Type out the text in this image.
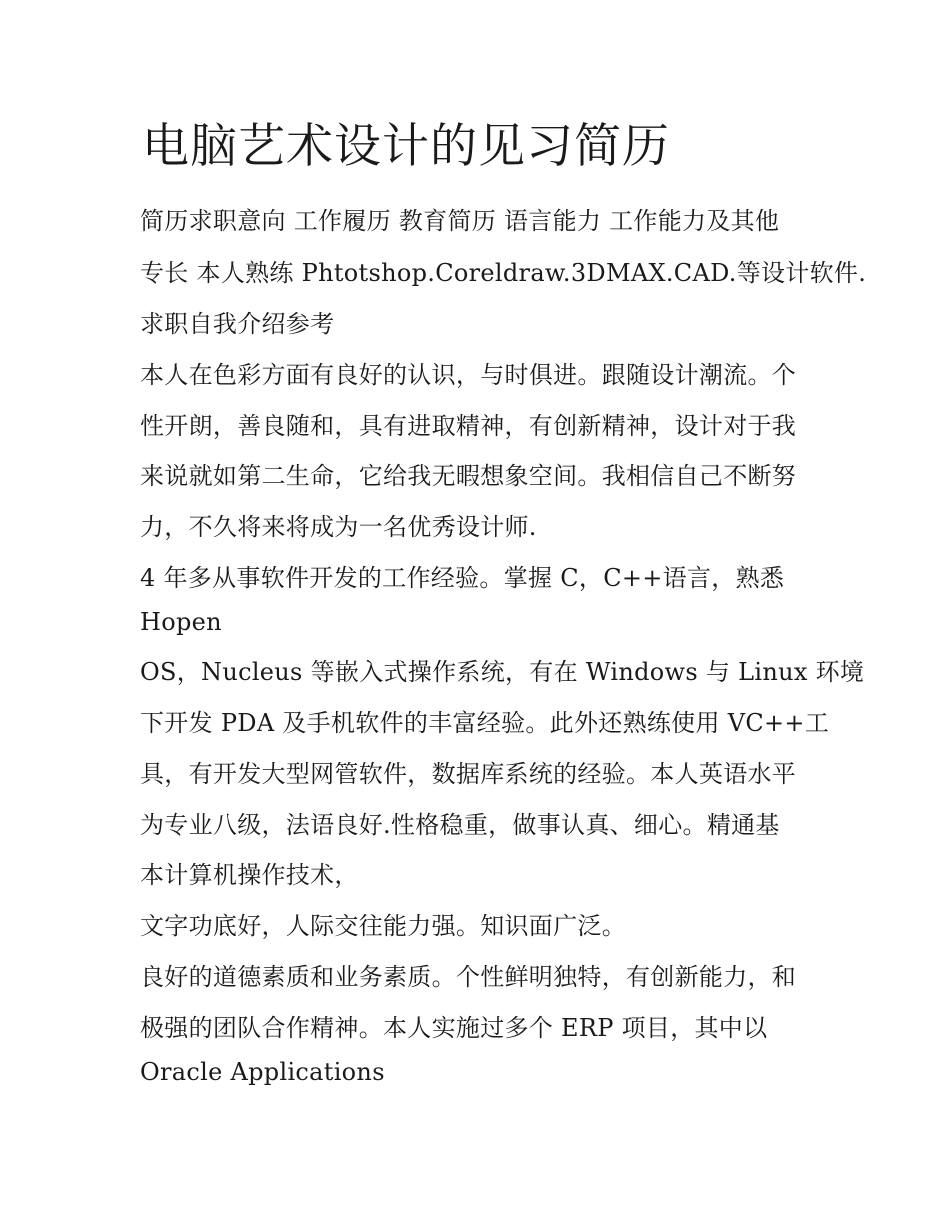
电脑艺术设计的见习简历

简历求职意向 工作履历 教育简历 语言能力 工作能力及其他

专长 本人熟练 Phtotshop.Coreldraw.3DMAX.CAD.等设计软件.

求职自我介绍参考

本人在色彩方面有良好的认识，与时俱进。跟随设计潮流。个

性开朗，善良随和，具有进取精神，有创新精神，设计对于我

来说就如第二生命，它给我无暇想象空间。我相信自己不断努

力，不久将来将成为一名优秀设计师.

4 年多从事软件开发的工作经验。掌握 C，C++语言，熟悉

Hopen

OS，Nucleus 等嵌入式操作系统，有在 Windows 与 Linux 环境

下开发 PDA 及手机软件的丰富经验。此外还熟练使用 VC++工

具，有开发大型网管软件，数据库系统的经验。本人英语水平

为专业八级，法语良好.性格稳重，做事认真、细心。精通基

本计算机操作技术，

文字功底好，人际交往能力强。知识面广泛。

良好的道德素质和业务素质。个性鲜明独特，有创新能力，和

极强的团队合作精神。本人实施过多个 ERP 项目，其中以

Oracle Applications
